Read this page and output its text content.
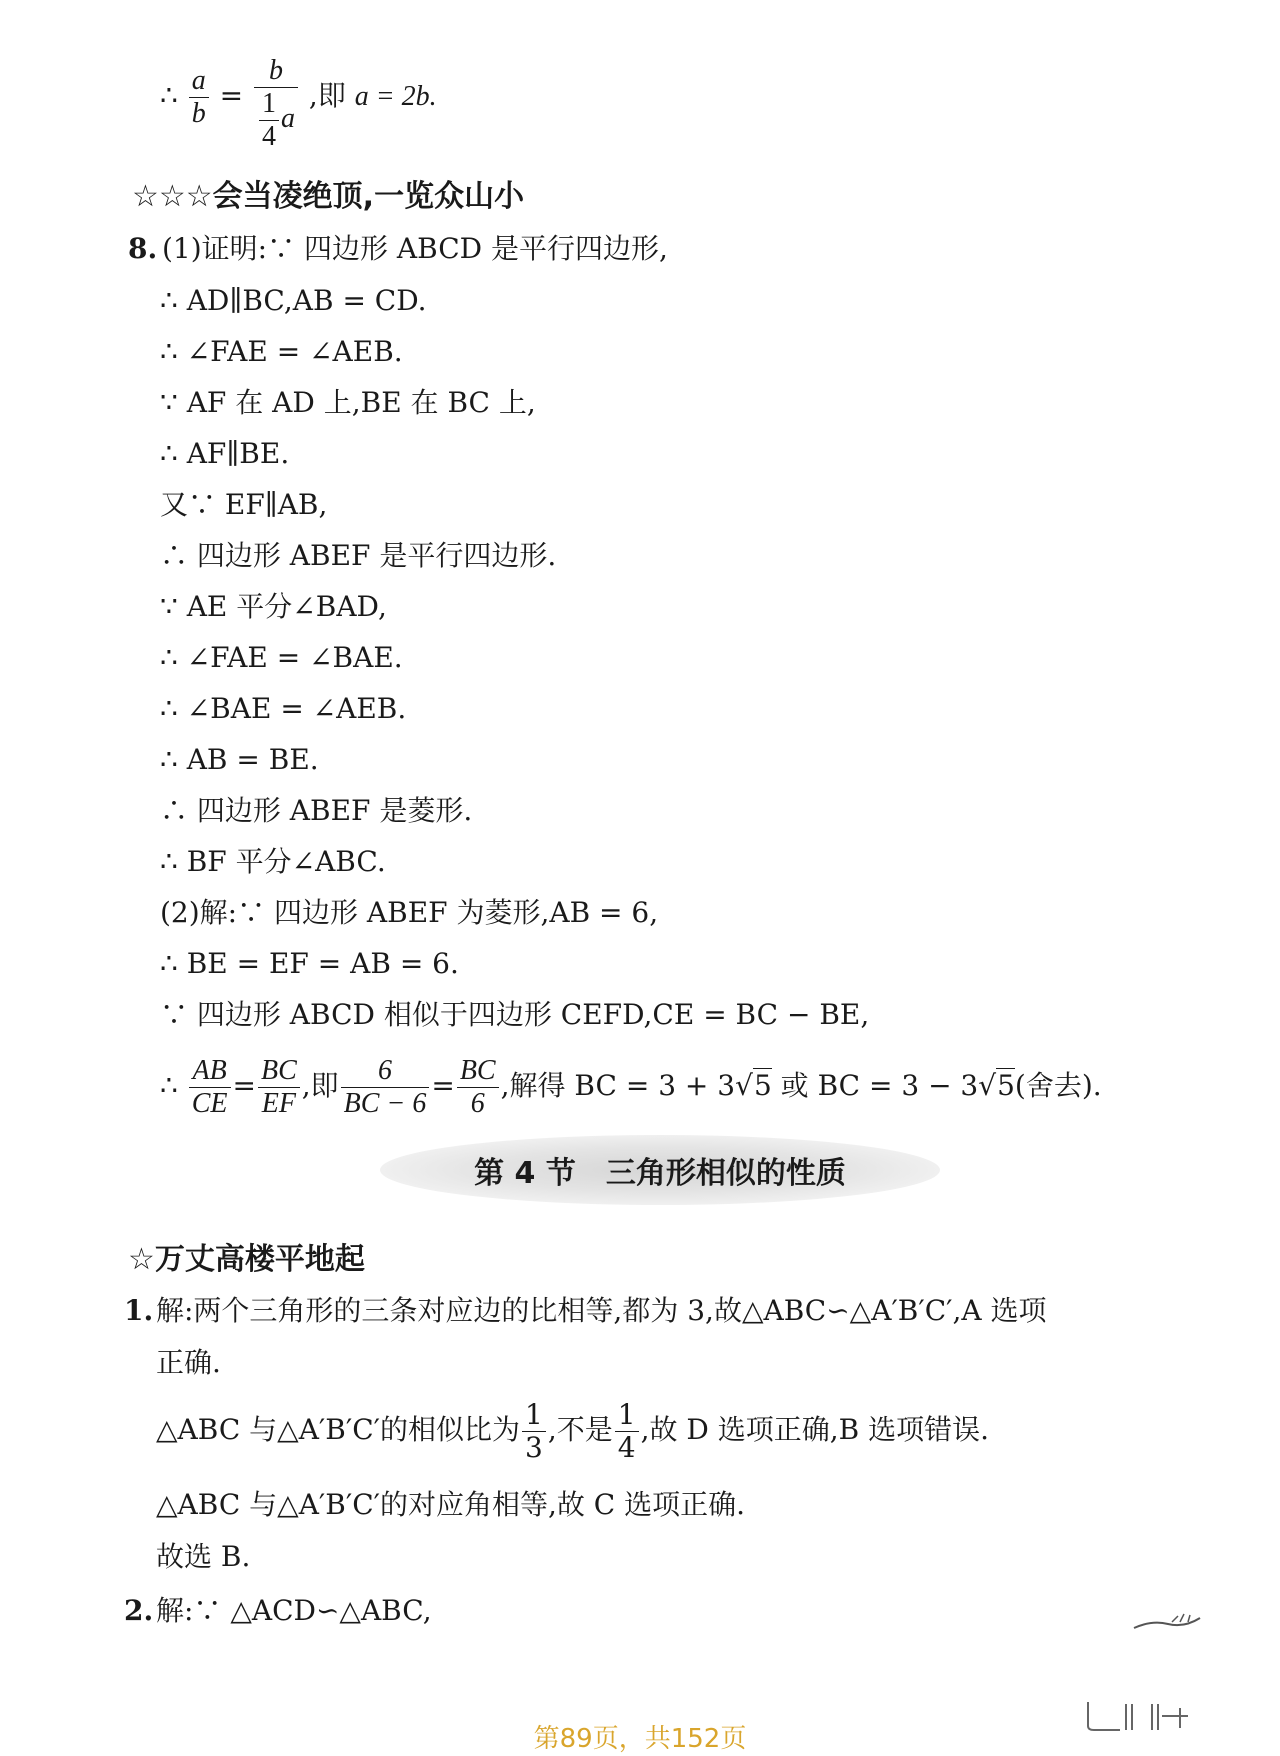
∴ $\frac{a}{b} = \frac{b}{\frac{1}{4} a}$ ,即 a = 2b.
☆☆☆会当凌绝顶,一览众山小
8. (1)证明:∵ 四边形 ABCD 是平行四边形,
∴ AD∥BC,AB = CD.
∴ ∠FAE = ∠AEB.
∵ AF 在 AD 上,BE 在 BC 上,
∴ AF∥BE.
又∵ EF∥AB,
∴ 四边形 ABEF 是平行四边形.
∵ AE 平分∠BAD,
∴ ∠FAE = ∠BAE.
∴ ∠BAE = ∠AEB.
∴ AB = BE.
∴ 四边形 ABEF 是菱形.
∴ BF 平分∠ABC.
(2)解:∵ 四边形 ABEF 为菱形,AB = 6,
∴ BE = EF = AB = 6.
∵ 四边形 ABCD 相似于四边形 CEFD,CE = BC − BE,
∴ $\frac{AB}{CE} = \frac{BC}{EF}$ ,即 $\frac{6}{BC - 6} = \frac{BC}{6}$ ,解得 BC = 3 + 3√5 或 BC = 3 − 3√5(舍去).
第 4 节　三角形相似的性质
☆万丈高楼平地起
1. 解:两个三角形的三条对应边的比相等,都为 3,故△ABC∽△A′B′C′,A 选项
正确.
△ABC 与△A′B′C′的相似比为 $\frac{1}{3}$ ,不是 $\frac{1}{4}$ ,故 D 选项正确,B 选项错误.
△ABC 与△A′B′C′的对应角相等,故 C 选项正确.
故选 B.
2. 解:∵ △ACD∽△ABC,
第89页，共152页
